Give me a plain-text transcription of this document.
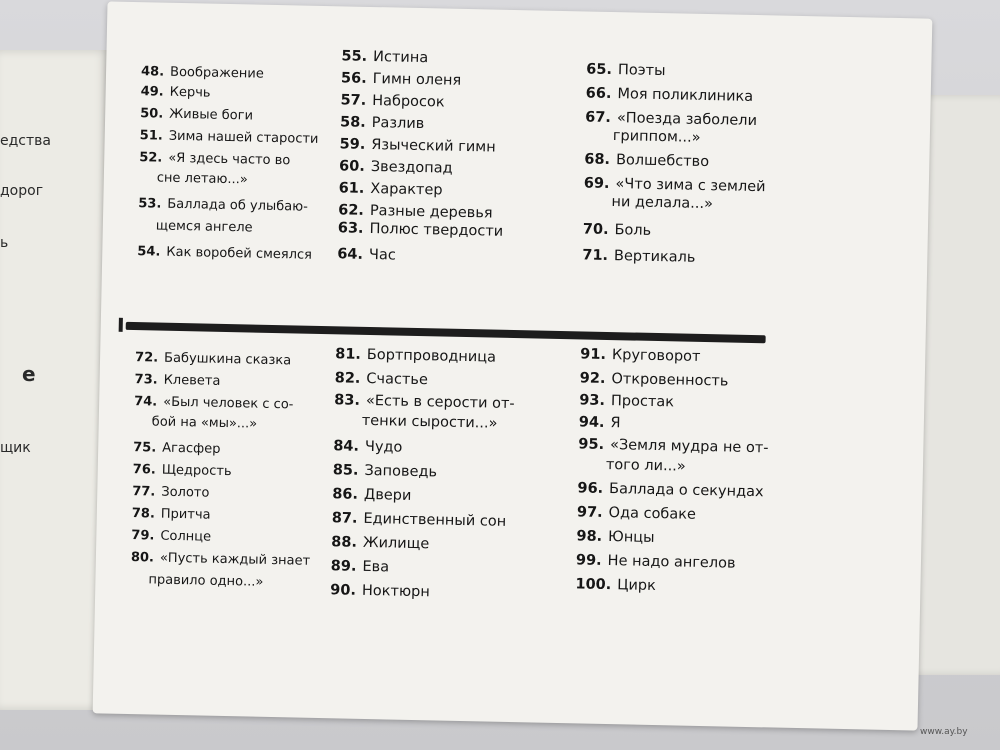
едства
дорог
ь
е
щик
48. Воображение
49. Керчь
50. Живые боги
51. Зима нашей старости
52. «Я здесь часто во
сне летаю...»
53. Баллада об улыбаю-
щемся ангеле
54. Как воробей смеялся
55. Истина
56. Гимн оленя
57. Набросок
58. Разлив
59. Языческий гимн
60. Звездопад
61. Характер
62. Разные деревья
63. Полюс твердости
64. Час
65. Поэты
66. Моя поликлиника
67. «Поезда заболели
гриппом...»
68. Волшебство
69. «Что зима с землей
ни делала...»
70. Боль
71. Вертикаль
72. Бабушкина сказка
73. Клевета
74. «Был человек с со-
бой на «мы»...»
75. Агасфер
76. Щедрость
77. Золото
78. Притча
79. Солнце
80. «Пусть каждый знает
правило одно...»
81. Бортпроводница
82. Счастье
83. «Есть в серости от-
тенки сырости...»
84. Чудо
85. Заповедь
86. Двери
87. Единственный сон
88. Жилище
89. Ева
90. Ноктюрн
91. Круговорот
92. Откровенность
93. Простак
94. Я
95. «Земля мудра не от-
того ли...»
96. Баллада о секундах
97. Ода собаке
98. Юнцы
99. Не надо ангелов
100. Цирк
www.ay.by
